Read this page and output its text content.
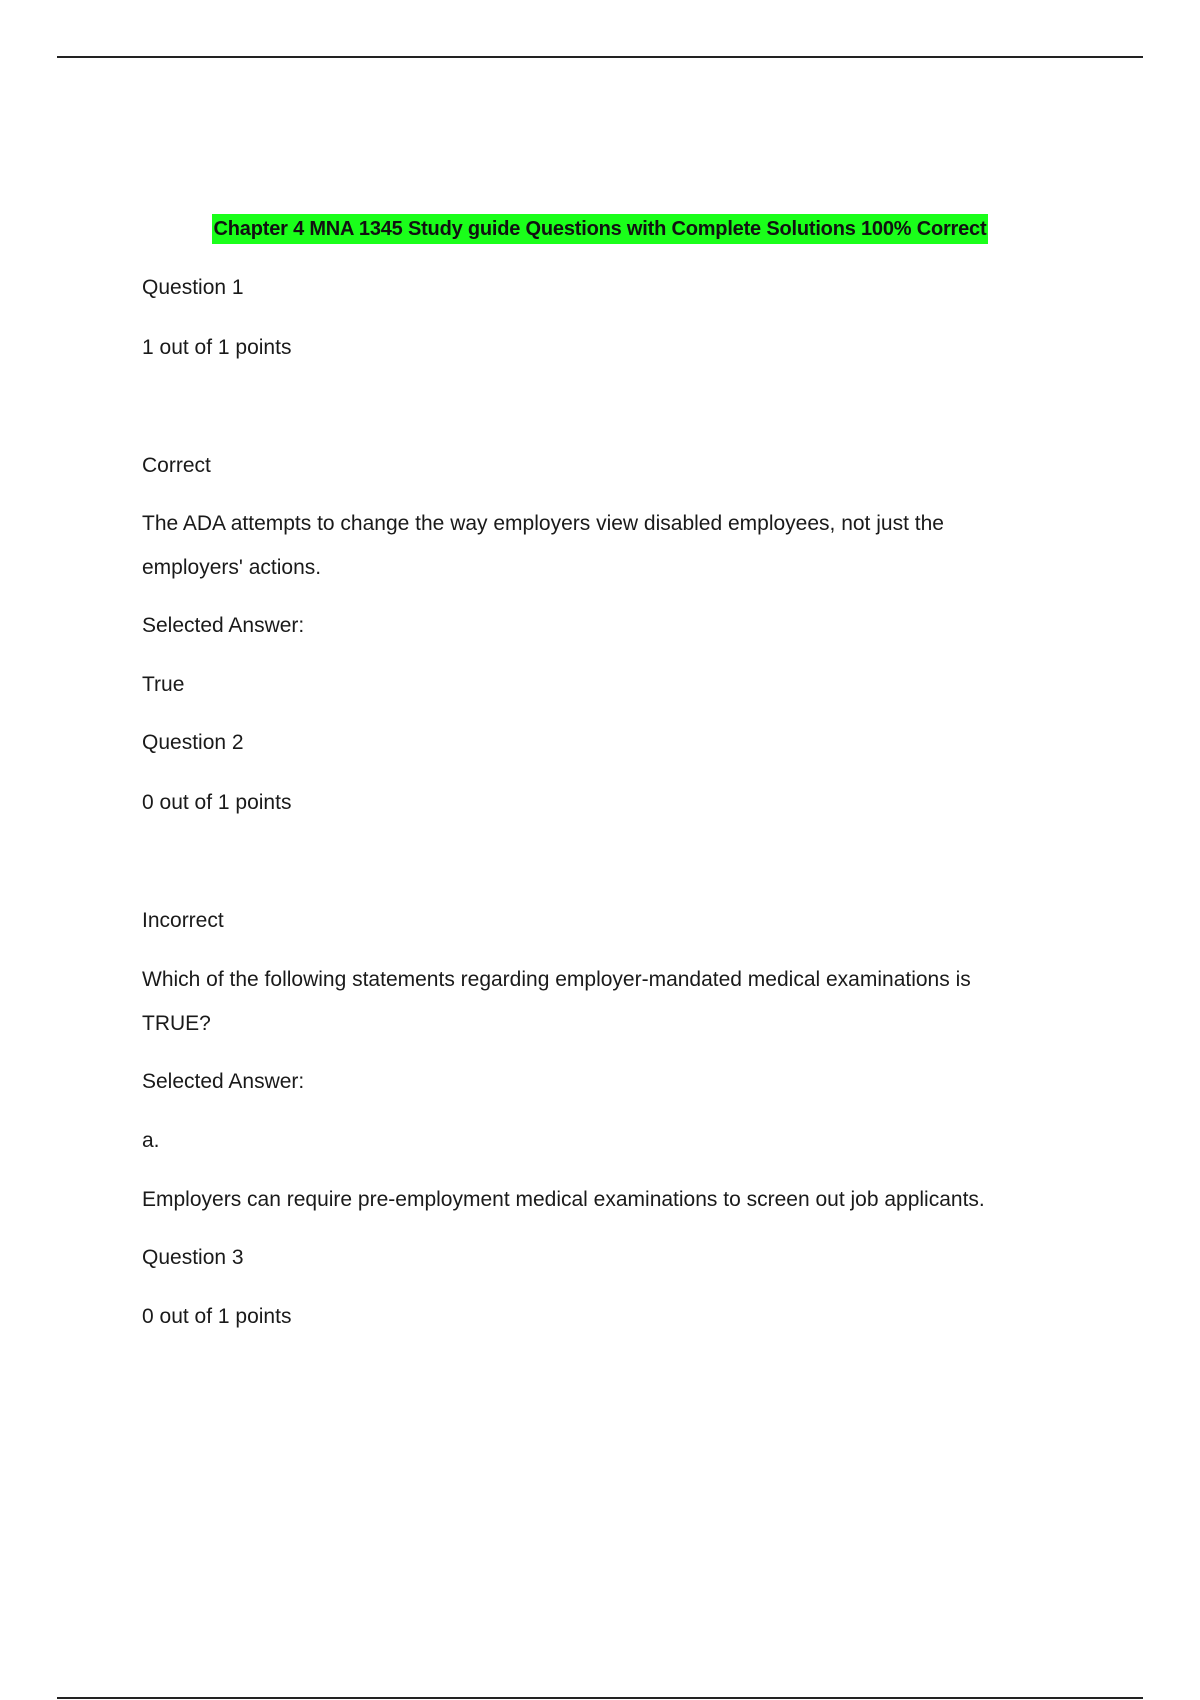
Chapter 4 MNA 1345 Study guide Questions with Complete Solutions 100% Correct
Question 1
1 out of 1 points
Correct
The ADA attempts to change the way employers view disabled employees, not just the
employers' actions.
Selected Answer:
True
Question 2
0 out of 1 points
Incorrect
Which of the following statements regarding employer-mandated medical examinations is
TRUE?
Selected Answer:
a.
Employers can require pre-employment medical examinations to screen out job applicants.
Question 3
0 out of 1 points
